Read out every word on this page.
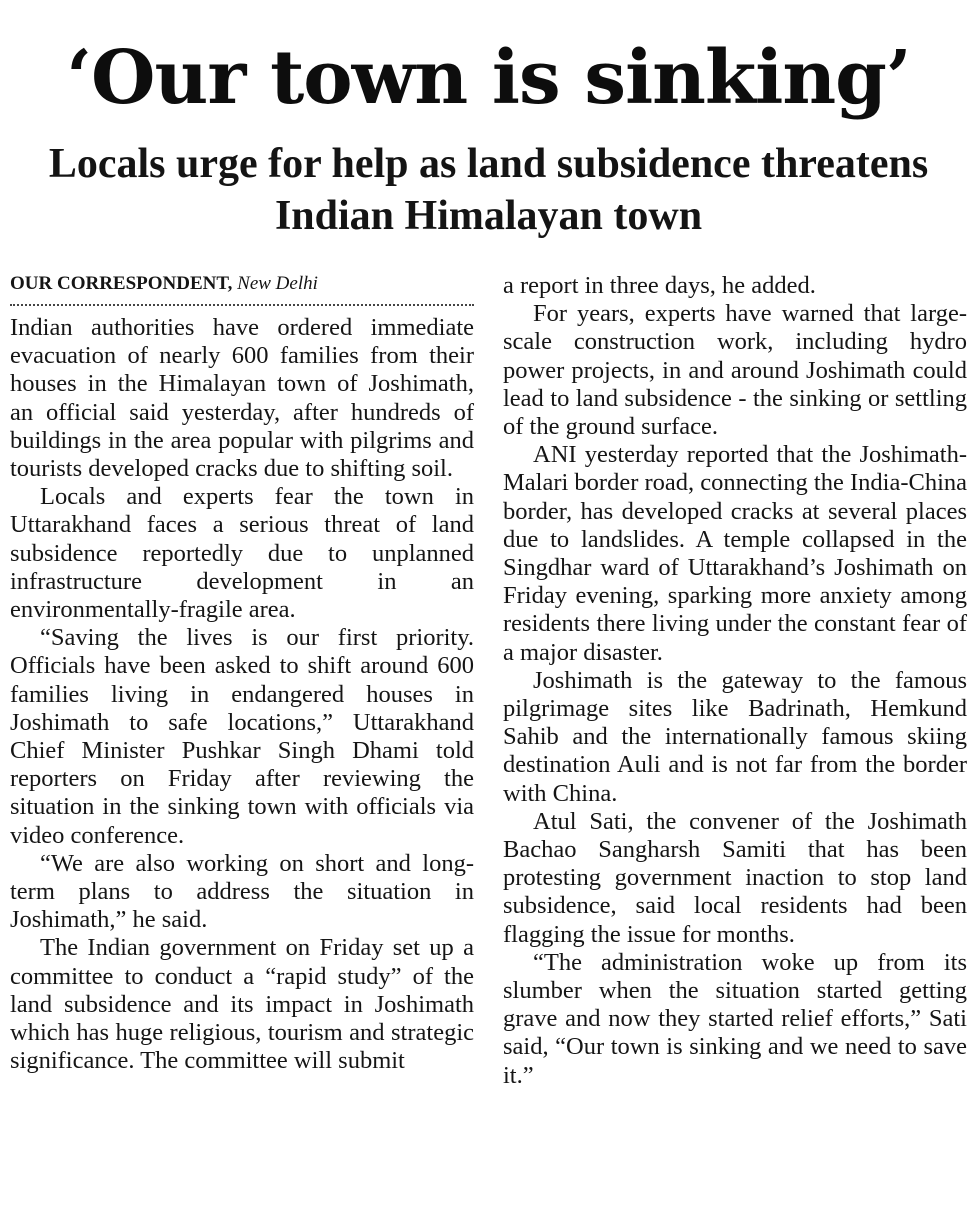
‘Our town is sinking’
Locals urge for help as land subsidence threatens Indian Himalayan town
OUR CORRESPONDENT, New Delhi

Indian authorities have ordered immediate evacuation of nearly 600 families from their houses in the Himalayan town of Joshimath, an official said yesterday, after hundreds of buildings in the area popular with pilgrims and tourists developed cracks due to shifting soil.

Locals and experts fear the town in Uttarakhand faces a serious threat of land subsidence reportedly due to unplanned infrastructure development in an environmentally-fragile area.

“Saving the lives is our first priority. Officials have been asked to shift around 600 families living in endangered houses in Joshimath to safe locations,” Uttarakhand Chief Minister Pushkar Singh Dhami told reporters on Friday after reviewing the situation in the sinking town with officials via video conference.

“We are also working on short and long-term plans to address the situation in Joshimath,” he said.

The Indian government on Friday set up a committee to conduct a “rapid study” of the land subsidence and its impact in Joshimath which has huge religious, tourism and strategic significance. The committee will submit

a report in three days, he added.

For years, experts have warned that large-scale construction work, including hydro power projects, in and around Joshimath could lead to land subsidence - the sinking or settling of the ground surface.

ANI yesterday reported that the Joshimath-Malari border road, connecting the India-China border, has developed cracks at several places due to landslides. A temple collapsed in the Singdhar ward of Uttarakhand’s Joshimath on Friday evening, sparking more anxiety among residents there living under the constant fear of a major disaster.

Joshimath is the gateway to the famous pilgrimage sites like Badrinath, Hemkund Sahib and the internationally famous skiing destination Auli and is not far from the border with China.

Atul Sati, the convener of the Joshimath Bachao Sangharsh Samiti that has been protesting government inaction to stop land subsidence, said local residents had been flagging the issue for months.

“The administration woke up from its slumber when the situation started getting grave and now they started relief efforts,” Sati said, “Our town is sinking and we need to save it.”
